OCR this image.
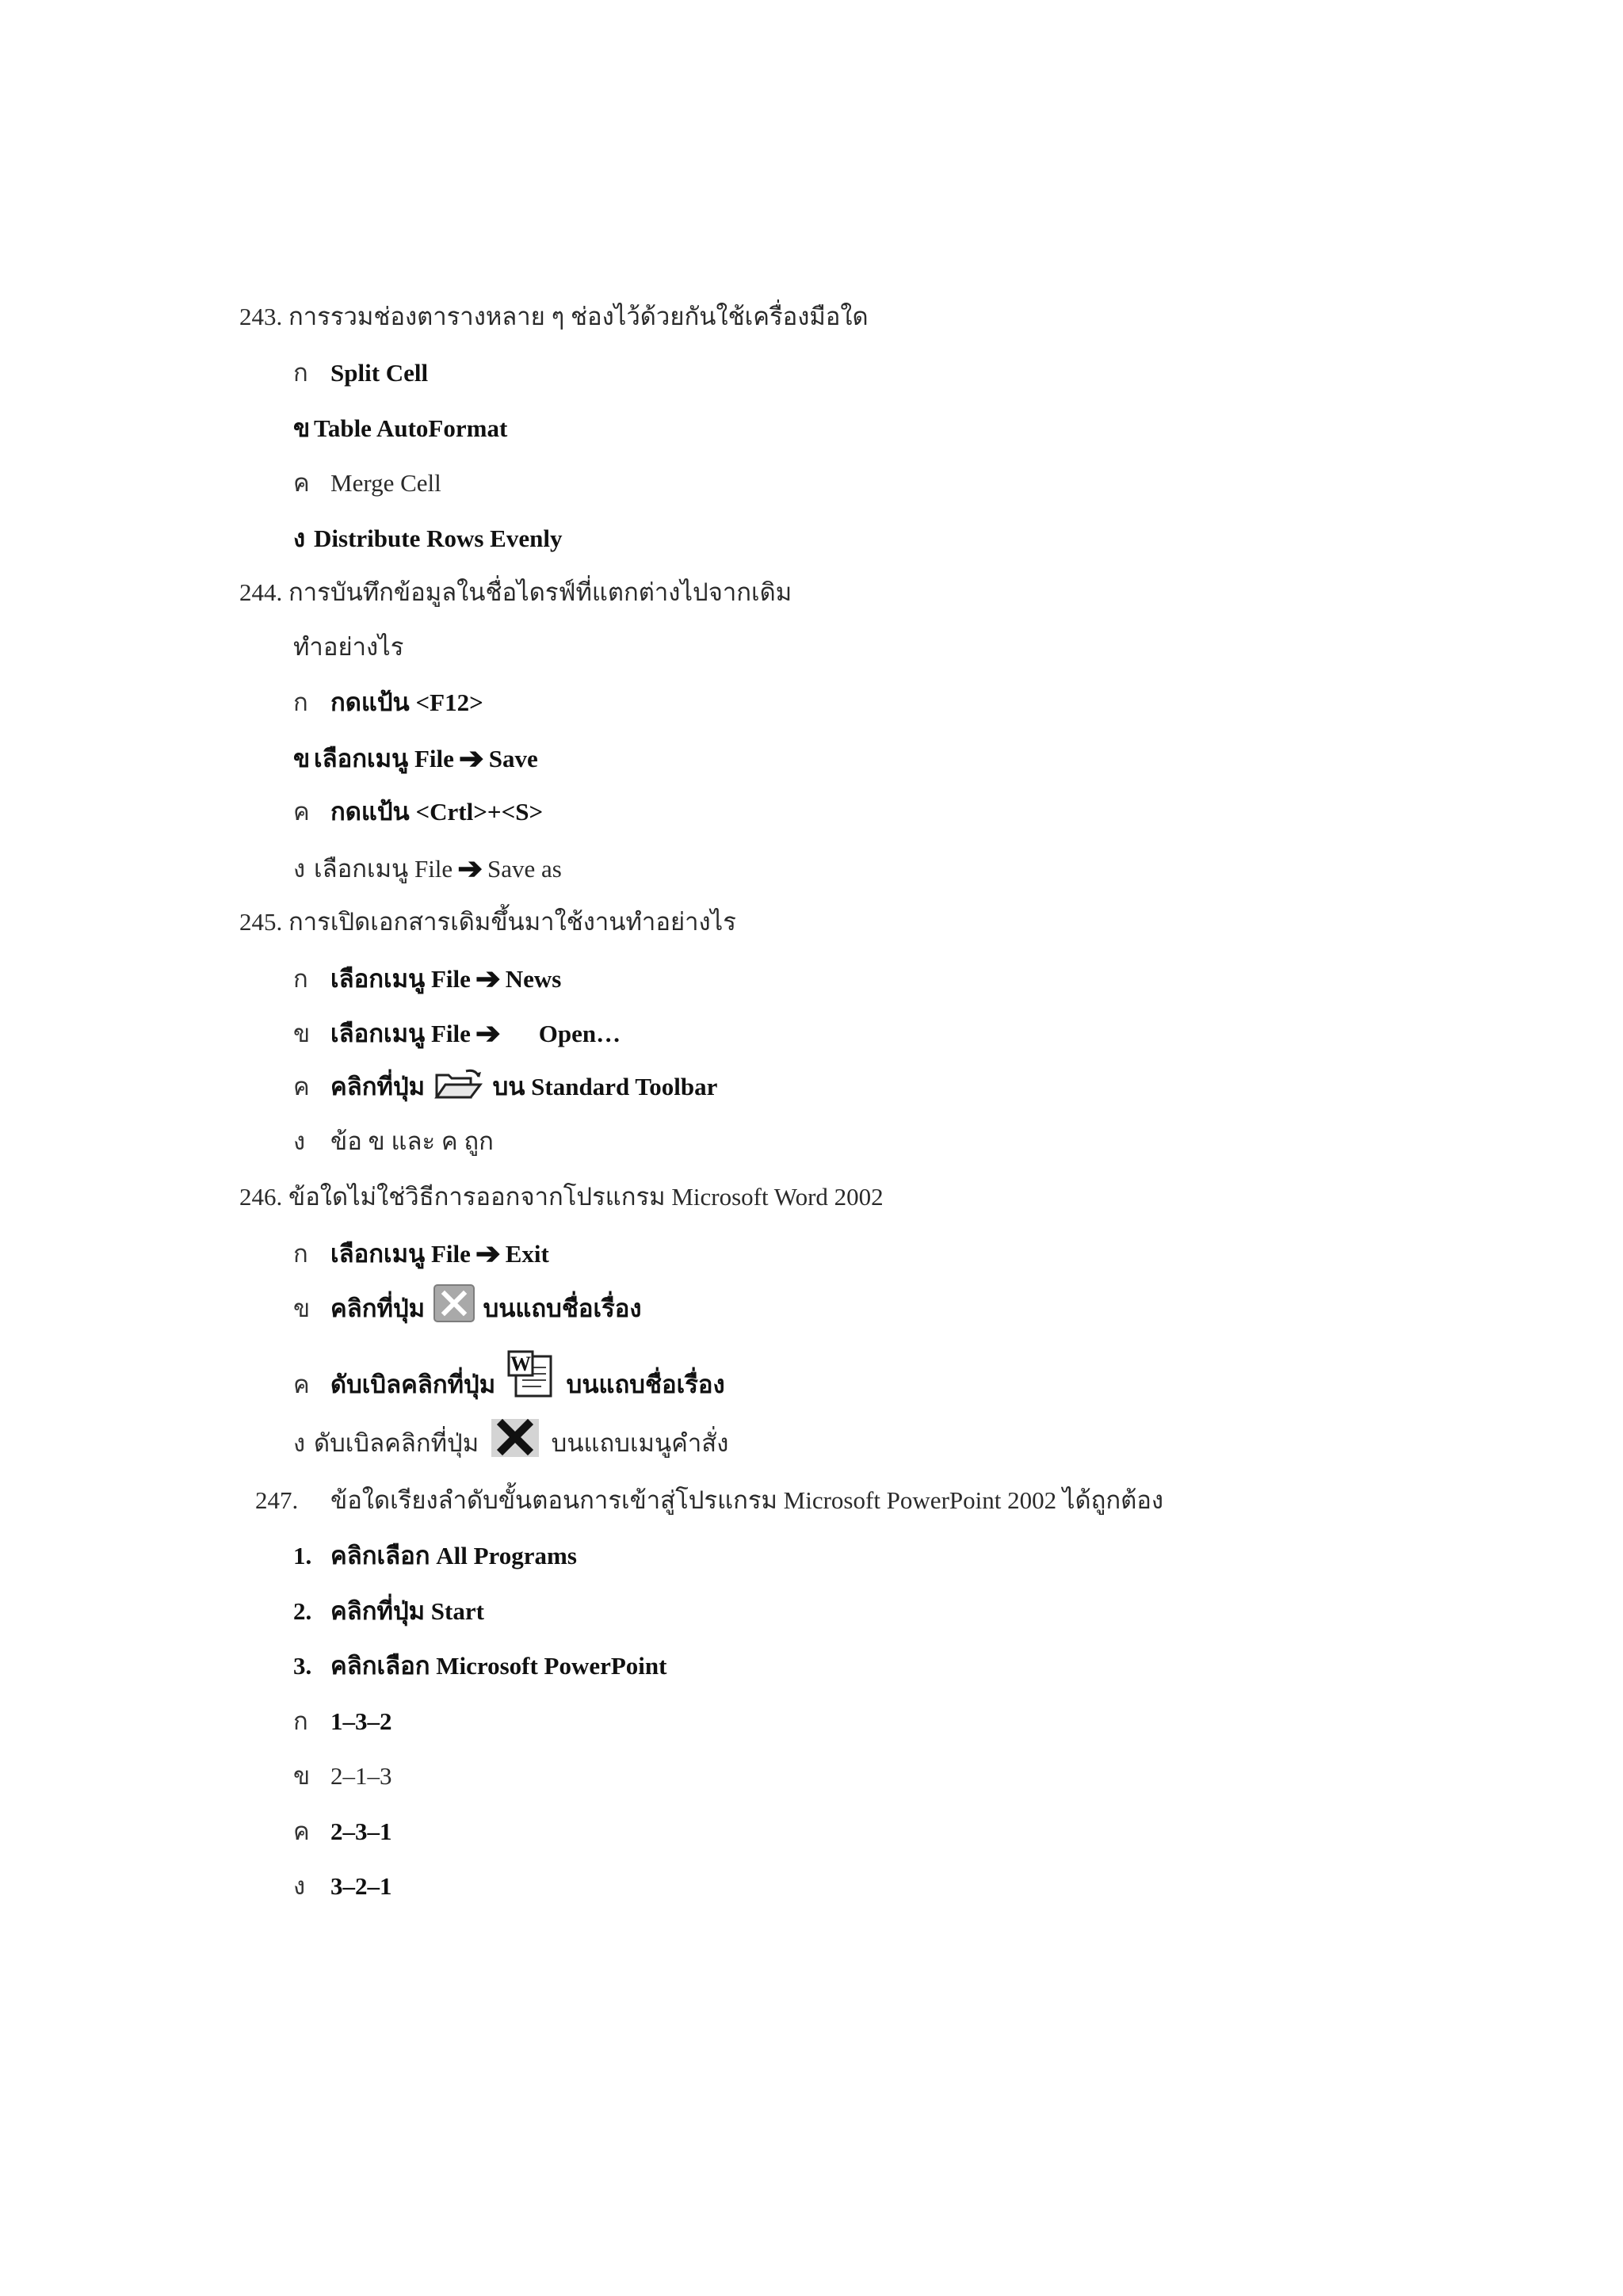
243. การรวมช่องตารางหลาย ๆ ช่องไว้ด้วยกันใช้เครื่องมือใด
ก Split Cell
ข Table AutoFormat
ค Merge Cell
ง Distribute Rows Evenly
244. การบันทึกข้อมูลในชื่อไดรฟ์ที่แตกต่างไปจากเดิม
ทำอย่างไร
ก กดแป้น <F12>
ข เลือกเมนู File ➔ Save
ค กดแป้น <Crtl>+<S>
ง เลือกเมนู File ➔ Save as
245. การเปิดเอกสารเดิมขึ้นมาใช้งานทำอย่างไร
ก เลือกเมนู File ➔ News
ข เลือกเมนู File ➔ Open…
ค คลิกที่ปุ่ม	บน Standard Toolbar
ง ข้อ ข และ ค ถูก
246. ข้อใดไม่ใช่วิธีการออกจากโปรแกรม Microsoft Word 2002
ก เลือกเมนู File ➔ Exit
ข คลิกที่ปุ่ม บนแถบชื่อเรื่อง
ค ดับเบิลคลิกที่ปุ่ม
W
บนแถบชื่อเรื่อง
ง ดับเบิลคลิกที่ปุ่ม	บนแถบเมนูคำสั่ง
247. ข้อใดเรียงลำดับขั้นตอนการเข้าสู่โปรแกรม Microsoft PowerPoint 2002 ได้ถูกต้อง
1. คลิกเลือก All Programs
2. คลิกที่ปุ่ม Start
3. คลิกเลือก Microsoft PowerPoint
ก 1–3–2
ข 2–1–3
ค 2–3–1
ง 3–2–1
